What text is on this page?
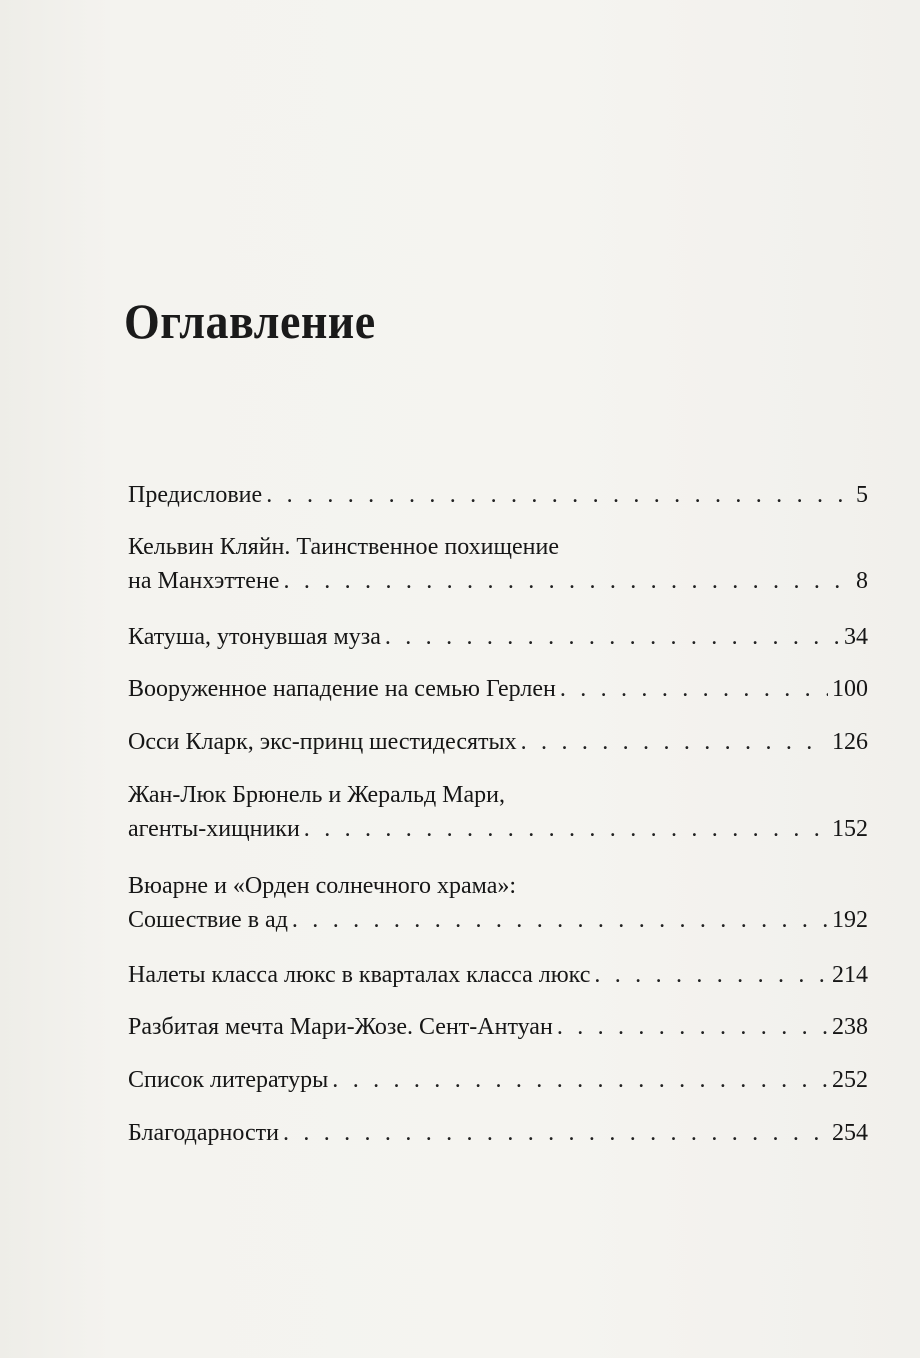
Оглавление
Предисловие . . .	5
Кельвин Кляйн. Таинственное похищение
на Манхэттене . . .	8
Катуша, утонувшая муза . . .	34
Вооруженное нападение на семью Герлен . . .	100
Осси Кларк, экс-принц шестидесятых . . .	126
Жан-Люк Брюнель и Жеральд Мари,
агенты-хищники . . .	152
Вюарне и «Орден солнечного храма»:
Сошествие в ад . . .	192
Налеты класса люкс в кварталах класса люкс . . .	214
Разбитая мечта Мари-Жозе. Сент-Антуан . . .	238
Список литературы . . .	252
Благодарности . . .	254
